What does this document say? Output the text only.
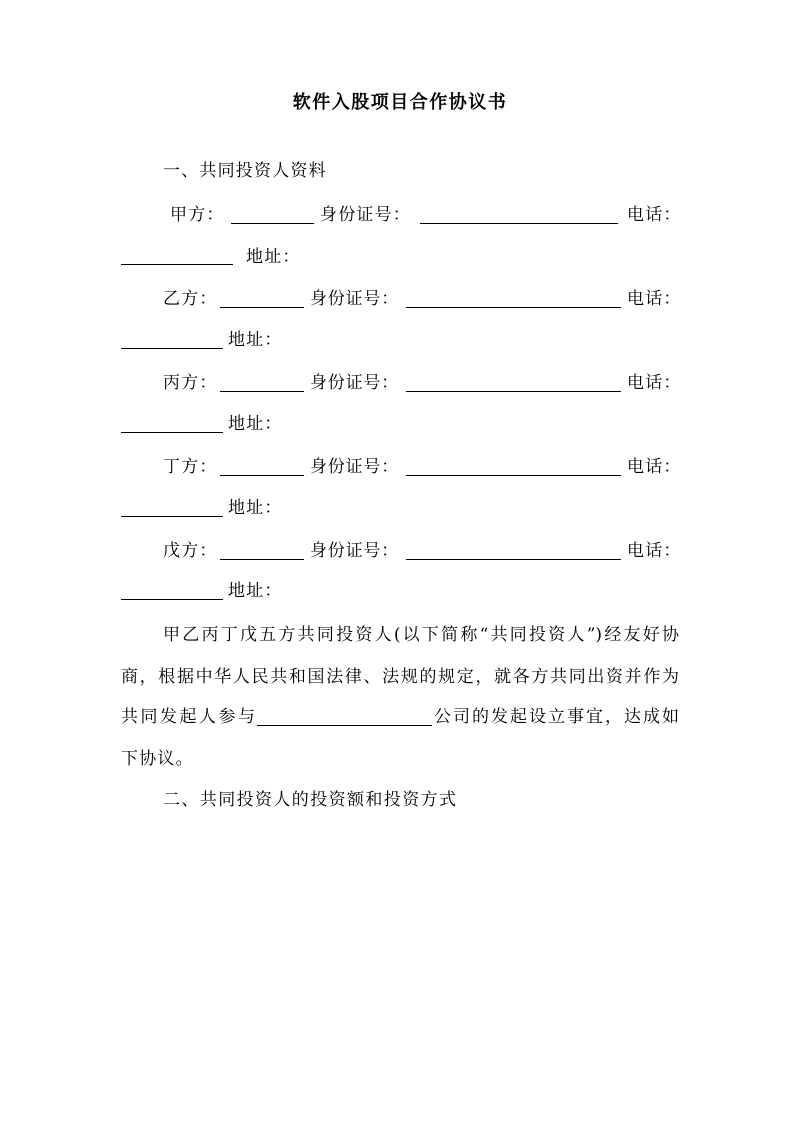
软件入股项目合作协议书
一、共同投资人资料
甲方：	身份证号：	电话：
地址：
乙方：	身份证号：	电话：
地址：
丙方：	身份证号：	电话：
地址：
丁方：	身份证号：	电话：
地址：
戊方：	身份证号：	电话：
地址：
甲乙丙丁戊五方共同投资人(以下简称“共同投资人”)经友好协
商，根据中华人民共和国法律、法规的规定，就各方共同出资并作为
共同发起人参与	公司的发起设立事宜，达成如
下协议。
二、共同投资人的投资额和投资方式
